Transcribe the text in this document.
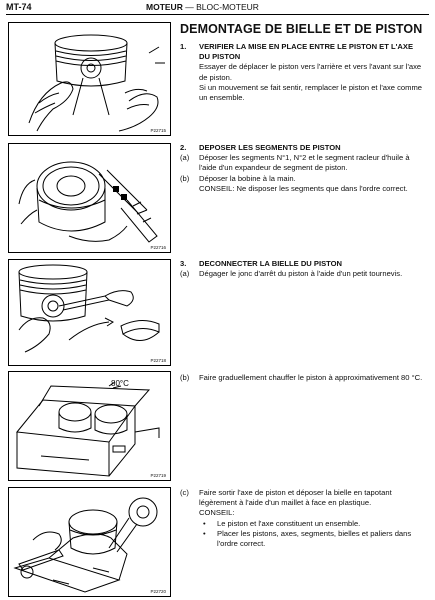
MT-74	MOTEUR — BLOC-MOTEUR
P22715
P22716
P22718
80°C
P22719
P22720
DEMONTAGE DE BIELLE ET DE PISTON
1.	VERIFIER LA MISE EN PLACE ENTRE LE PISTON ET L'AXE DU PISTON
Essayer de déplacer le piston vers l'arrière et vers l'avant sur l'axe de piston.
Si un mouvement se fait sentir, remplacer le piston et l'axe comme un ensemble.
2.	DEPOSER LES SEGMENTS DE PISTON
(a)	Déposer les segments N°1, N°2 et le segment racleur d'huile à l'aide d'un expandeur de segment de piston.
(b)	Déposer la bobine à la main.
CONSEIL: Ne disposer les segments que dans l'ordre correct.
3.	DECONNECTER LA BIELLE DU PISTON
(a)	Dégager le jonc d'arrêt du piston à l'aide d'un petit tournevis.
(b)	Faire graduellement chauffer le piston à approximativement 80 °C.
(c)	Faire sortir l'axe de piston et déposer la bielle en tapotant légèrement à l'aide d'un maillet à face en plastique.
CONSEIL:
•	Le piston et l'axe constituent un ensemble.
•	Placer les pistons, axes, segments, bielles et paliers dans l'ordre correct.
